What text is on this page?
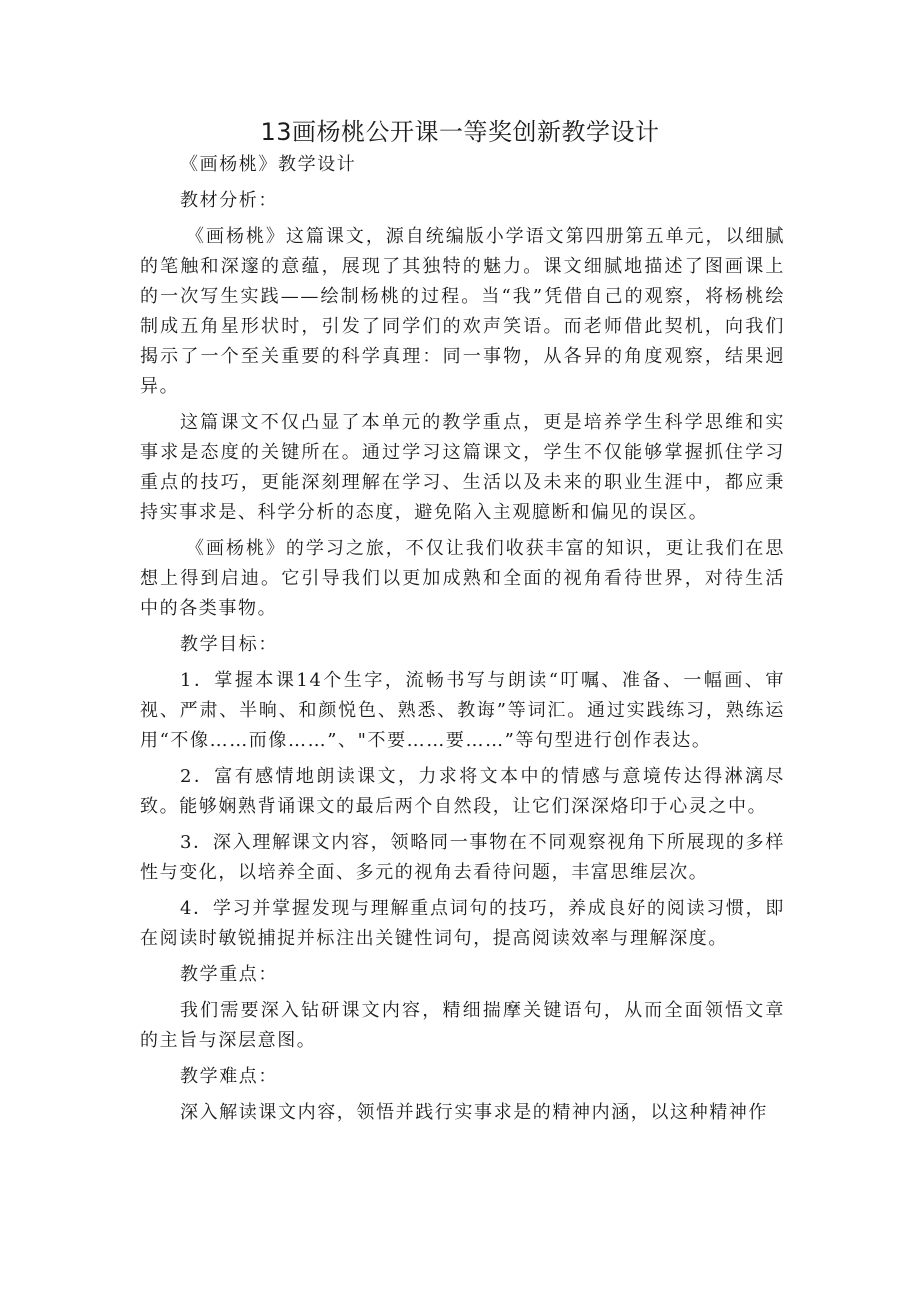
13画杨桃公开课一等奖创新教学设计

《画杨桃》教学设计

教材分析：

《画杨桃》这篇课文，源自统编版小学语文第四册第五单元，以细腻的笔触和深邃的意蕴，展现了其独特的魅力。课文细腻地描述了图画课上的一次写生实践——绘制杨桃的过程。当“我”凭借自己的观察，将杨桃绘制成五角星形状时，引发了同学们的欢声笑语。而老师借此契机，向我们揭示了一个至关重要的科学真理：同一事物，从各异的角度观察，结果迥异。

这篇课文不仅凸显了本单元的教学重点，更是培养学生科学思维和实事求是态度的关键所在。通过学习这篇课文，学生不仅能够掌握抓住学习重点的技巧，更能深刻理解在学习、生活以及未来的职业生涯中，都应秉持实事求是、科学分析的态度，避免陷入主观臆断和偏见的误区。

《画杨桃》的学习之旅，不仅让我们收获丰富的知识，更让我们在思想上得到启迪。它引导我们以更加成熟和全面的视角看待世界，对待生活中的各类事物。

教学目标：

1．掌握本课14个生字，流畅书写与朗读“叮嘱、准备、一幅画、审视、严肃、半晌、和颜悦色、熟悉、教诲”等词汇。通过实践练习，熟练运用“不像……而像……”、"不要……要……”等句型进行创作表达。

2．富有感情地朗读课文，力求将文本中的情感与意境传达得淋漓尽致。能够娴熟背诵课文的最后两个自然段，让它们深深烙印于心灵之中。

3．深入理解课文内容，领略同一事物在不同观察视角下所展现的多样性与变化，以培养全面、多元的视角去看待问题，丰富思维层次。

4．学习并掌握发现与理解重点词句的技巧，养成良好的阅读习惯，即在阅读时敏锐捕捉并标注出关键性词句，提高阅读效率与理解深度。

教学重点：

我们需要深入钻研课文内容，精细揣摩关键语句，从而全面领悟文章的主旨与深层意图。

教学难点：

深入解读课文内容，领悟并践行实事求是的精神内涵，以这种精神作
